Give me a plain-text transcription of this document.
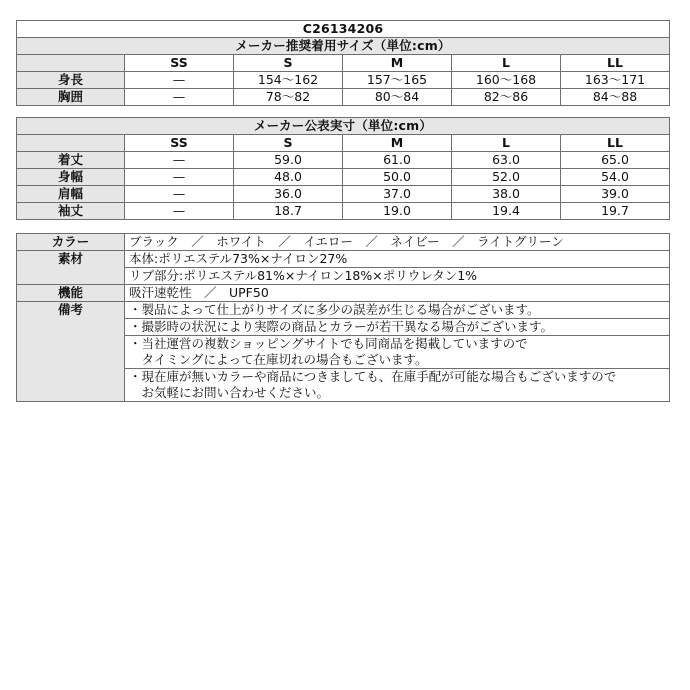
C26134206					
メーカー推奨着用サイズ（単位:cm）					
	SS	S	M	L	LL
身長	—	154～162	157～165	160～168	163～171
胸囲	—	78～82	80～84	82～86	84～88
メーカー公表実寸（単位:cm）					
	SS	S	M	L	LL
着丈	—	59.0	61.0	63.0	65.0
身幅	—	48.0	50.0	52.0	54.0
肩幅	—	36.0	37.0	38.0	39.0
袖丈	—	18.7	19.0	19.4	19.7
カラー	ブラック　／　ホワイト　／　イエロー　／　ネイビー　／　ライトグリーン
素材	本体:ポリエステル73%×ナイロン27%
	リブ部分:ポリエステル81%×ナイロン18%×ポリウレタン1%
機能	吸汗速乾性　／　UPF50
備考	・製品によって仕上がりサイズに多少の誤差が生じる場合がございます。
	・撮影時の状況により実際の商品とカラーが若干異なる場合がございます。
	・当社運営の複数ショッピングサイトでも同商品を掲載していますので
	　タイミングによって在庫切れの場合もございます。
	・現在庫が無いカラーや商品につきましても、在庫手配が可能な場合もございますので
	　お気軽にお問い合わせください。
